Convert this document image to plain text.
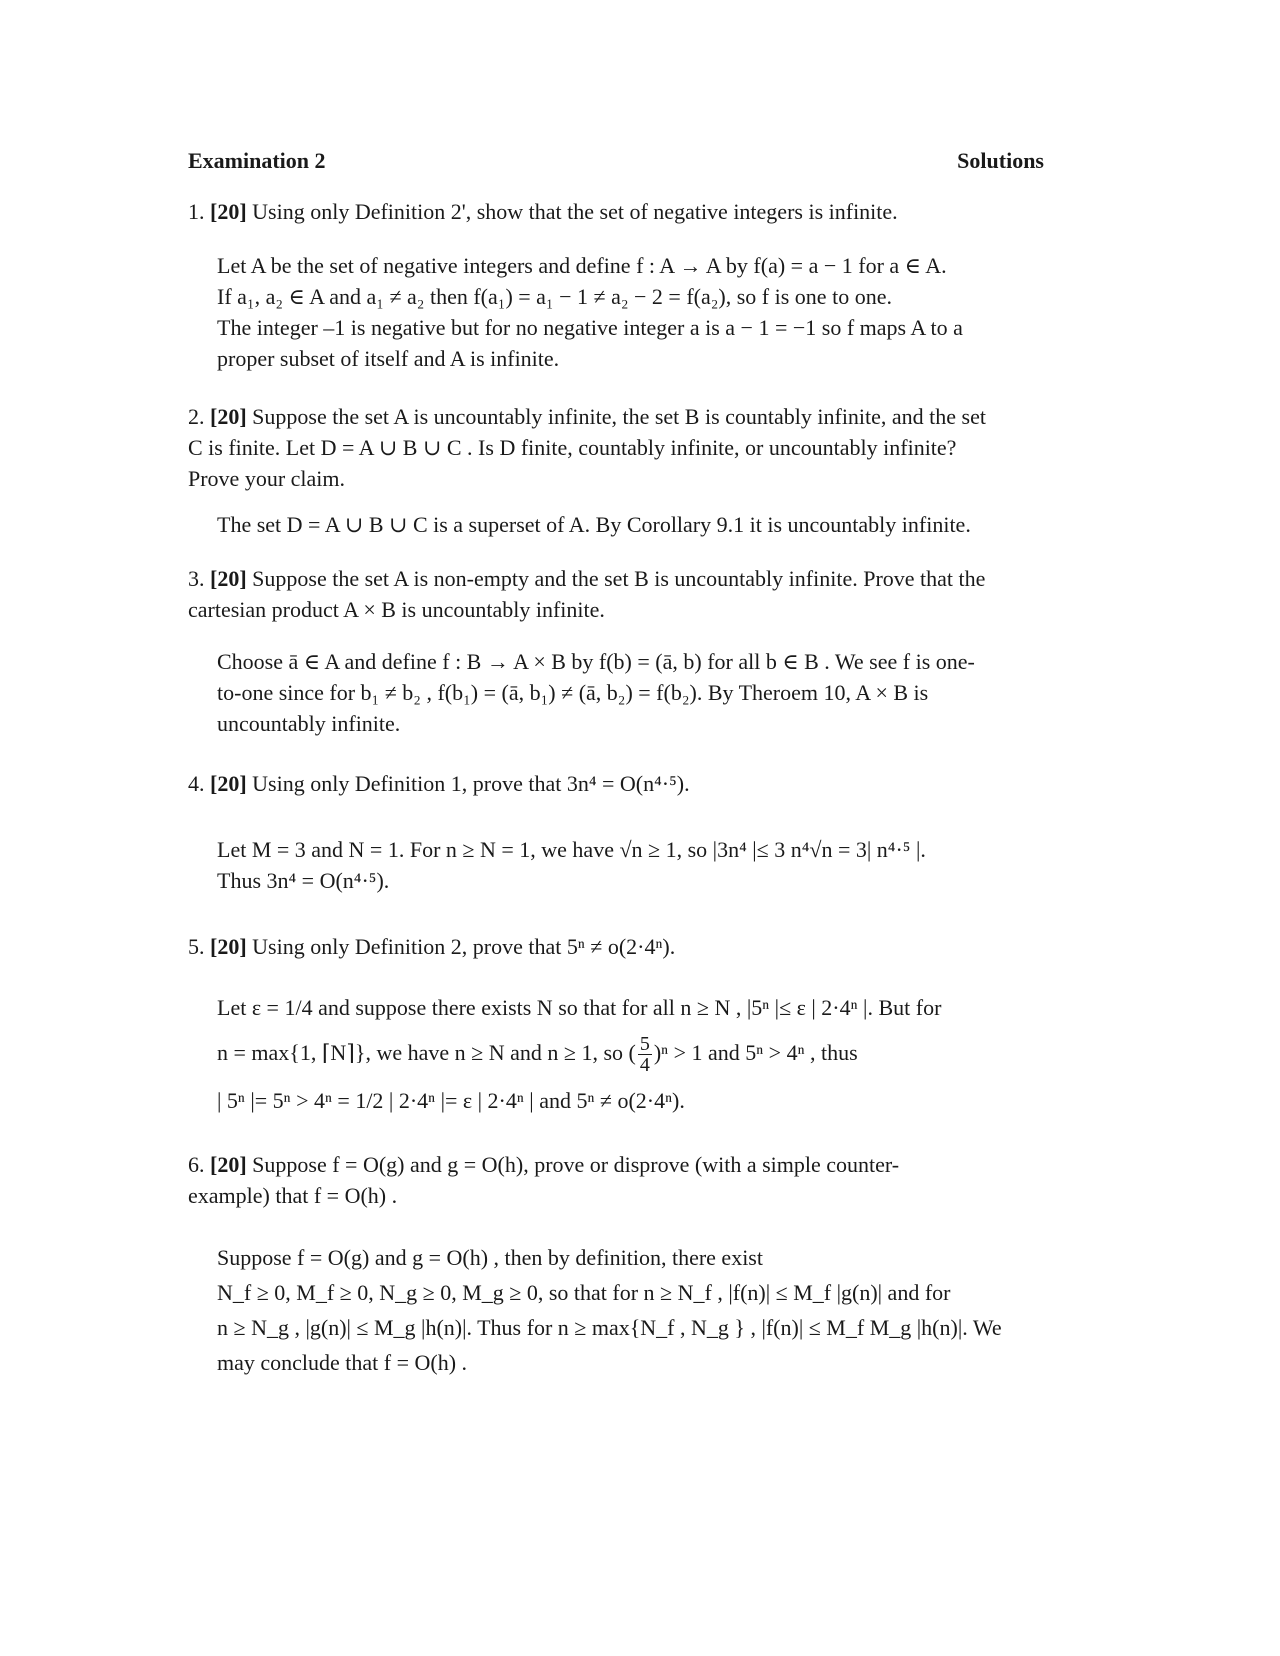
Examination 2	Solutions
1. [20] Using only Definition 2', show that the set of negative integers is infinite.
Let A be the set of negative integers and define f : A → A by f(a) = a − 1 for a ∈ A.
If a₁, a₂ ∈ A and a₁ ≠ a₂ then f(a₁) = a₁ − 1 ≠ a₂ − 2 = f(a₂), so f is one to one.
The integer –1 is negative but for no negative integer a is a − 1 = −1 so f maps A to a
proper subset of itself and A is infinite.
2. [20] Suppose the set A is uncountably infinite, the set B is countably infinite, and the set
C is finite. Let D = A ∪ B ∪ C . Is D finite, countably infinite, or uncountably infinite?
Prove your claim.
The set D = A ∪ B ∪ C is a superset of A. By Corollary 9.1 it is uncountably infinite.
3. [20] Suppose the set A is non-empty and the set B is uncountably infinite. Prove that the
cartesian product A × B is uncountably infinite.
Choose ā ∈ A and define f : B → A × B by f(b) = (ā, b) for all b ∈ B . We see f is one-
to-one since for b₁ ≠ b₂ , f(b₁) = (ā, b₁) ≠ (ā, b₂) = f(b₂). By Theroem 10, A × B is
uncountably infinite.
4. [20] Using only Definition 1, prove that 3n⁴ = O(n⁴·⁵).
Let M = 3 and N = 1. For n ≥ N = 1, we have √n ≥ 1, so |3n⁴ |≤ 3 n⁴√n = 3| n⁴·⁵ |.
Thus 3n⁴ = O(n⁴·⁵).
5. [20] Using only Definition 2, prove that 5ⁿ ≠ o(2·4ⁿ).
Let ε = 1/4 and suppose there exists N so that for all n ≥ N , |5ⁿ |≤ ε | 2·4ⁿ |. But for
n = max{1, ⌈N⌉}, we have n ≥ N and n ≥ 1, so ( $\frac{5}{4} )^n > 1$ and 5ⁿ > 4ⁿ , thus
| 5ⁿ |= 5ⁿ > 4ⁿ = 1/2 | 2·4ⁿ |= ε | 2·4ⁿ | and 5ⁿ ≠ o(2·4ⁿ).
6. [20] Suppose f = O(g) and g = O(h), prove or disprove (with a simple counter-
example) that f = O(h) .
Suppose f = O(g) and g = O(h) , then by definition, there exist
N_f ≥ 0, M_f ≥ 0, N_g ≥ 0, M_g ≥ 0, so that for n ≥ N_f , |f(n)| ≤ M_f |g(n)| and for
n ≥ N_g , |g(n)| ≤ M_g |h(n)|. Thus for n ≥ max{N_f , N_g } , |f(n)| ≤ M_f M_g |h(n)|. We
may conclude that f = O(h) .
